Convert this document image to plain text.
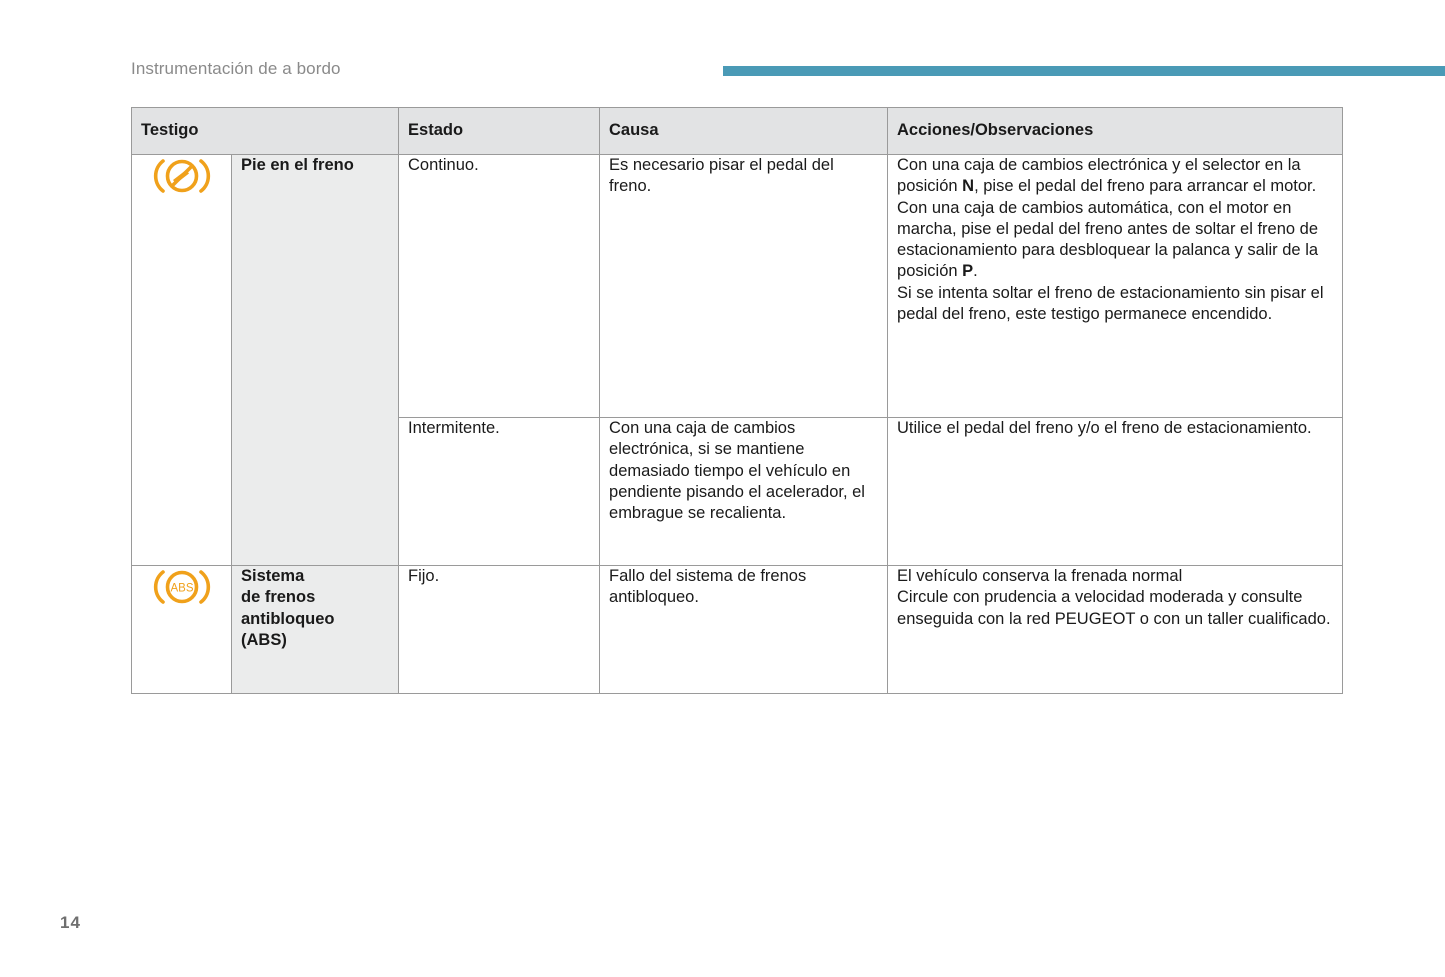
Instrumentación de a bordo
Testigo		Estado	Causa	Acciones/Observaciones

	Pie en el freno	Continuo.	Es necesario pisar el pedal del freno.	Con una caja de cambios electrónica y el selector en la posición N, pise el pedal del freno para arrancar el motor.
Con una caja de cambios automática, con el motor en marcha, pise el pedal del freno antes de soltar el freno de estacionamiento para desbloquear la palanca y salir de la posición P.
Si se intenta soltar el freno de estacionamiento sin pisar el pedal del freno, este testigo permanece encendido.

		Intermitente.	Con una caja de cambios electrónica, si se mantiene demasiado tiempo el vehículo en pendiente pisando el acelerador, el embrague se recalienta.	Utilice el pedal del freno y/o el freno de estacionamiento.

ABS	Sistema
de frenos
antibloqueo
(ABS)	Fijo.	Fallo del sistema de frenos antibloqueo.	El vehículo conserva la frenada normal
Circule con prudencia a velocidad moderada y consulte enseguida con la red PEUGEOT o con un taller cualificado.
14
